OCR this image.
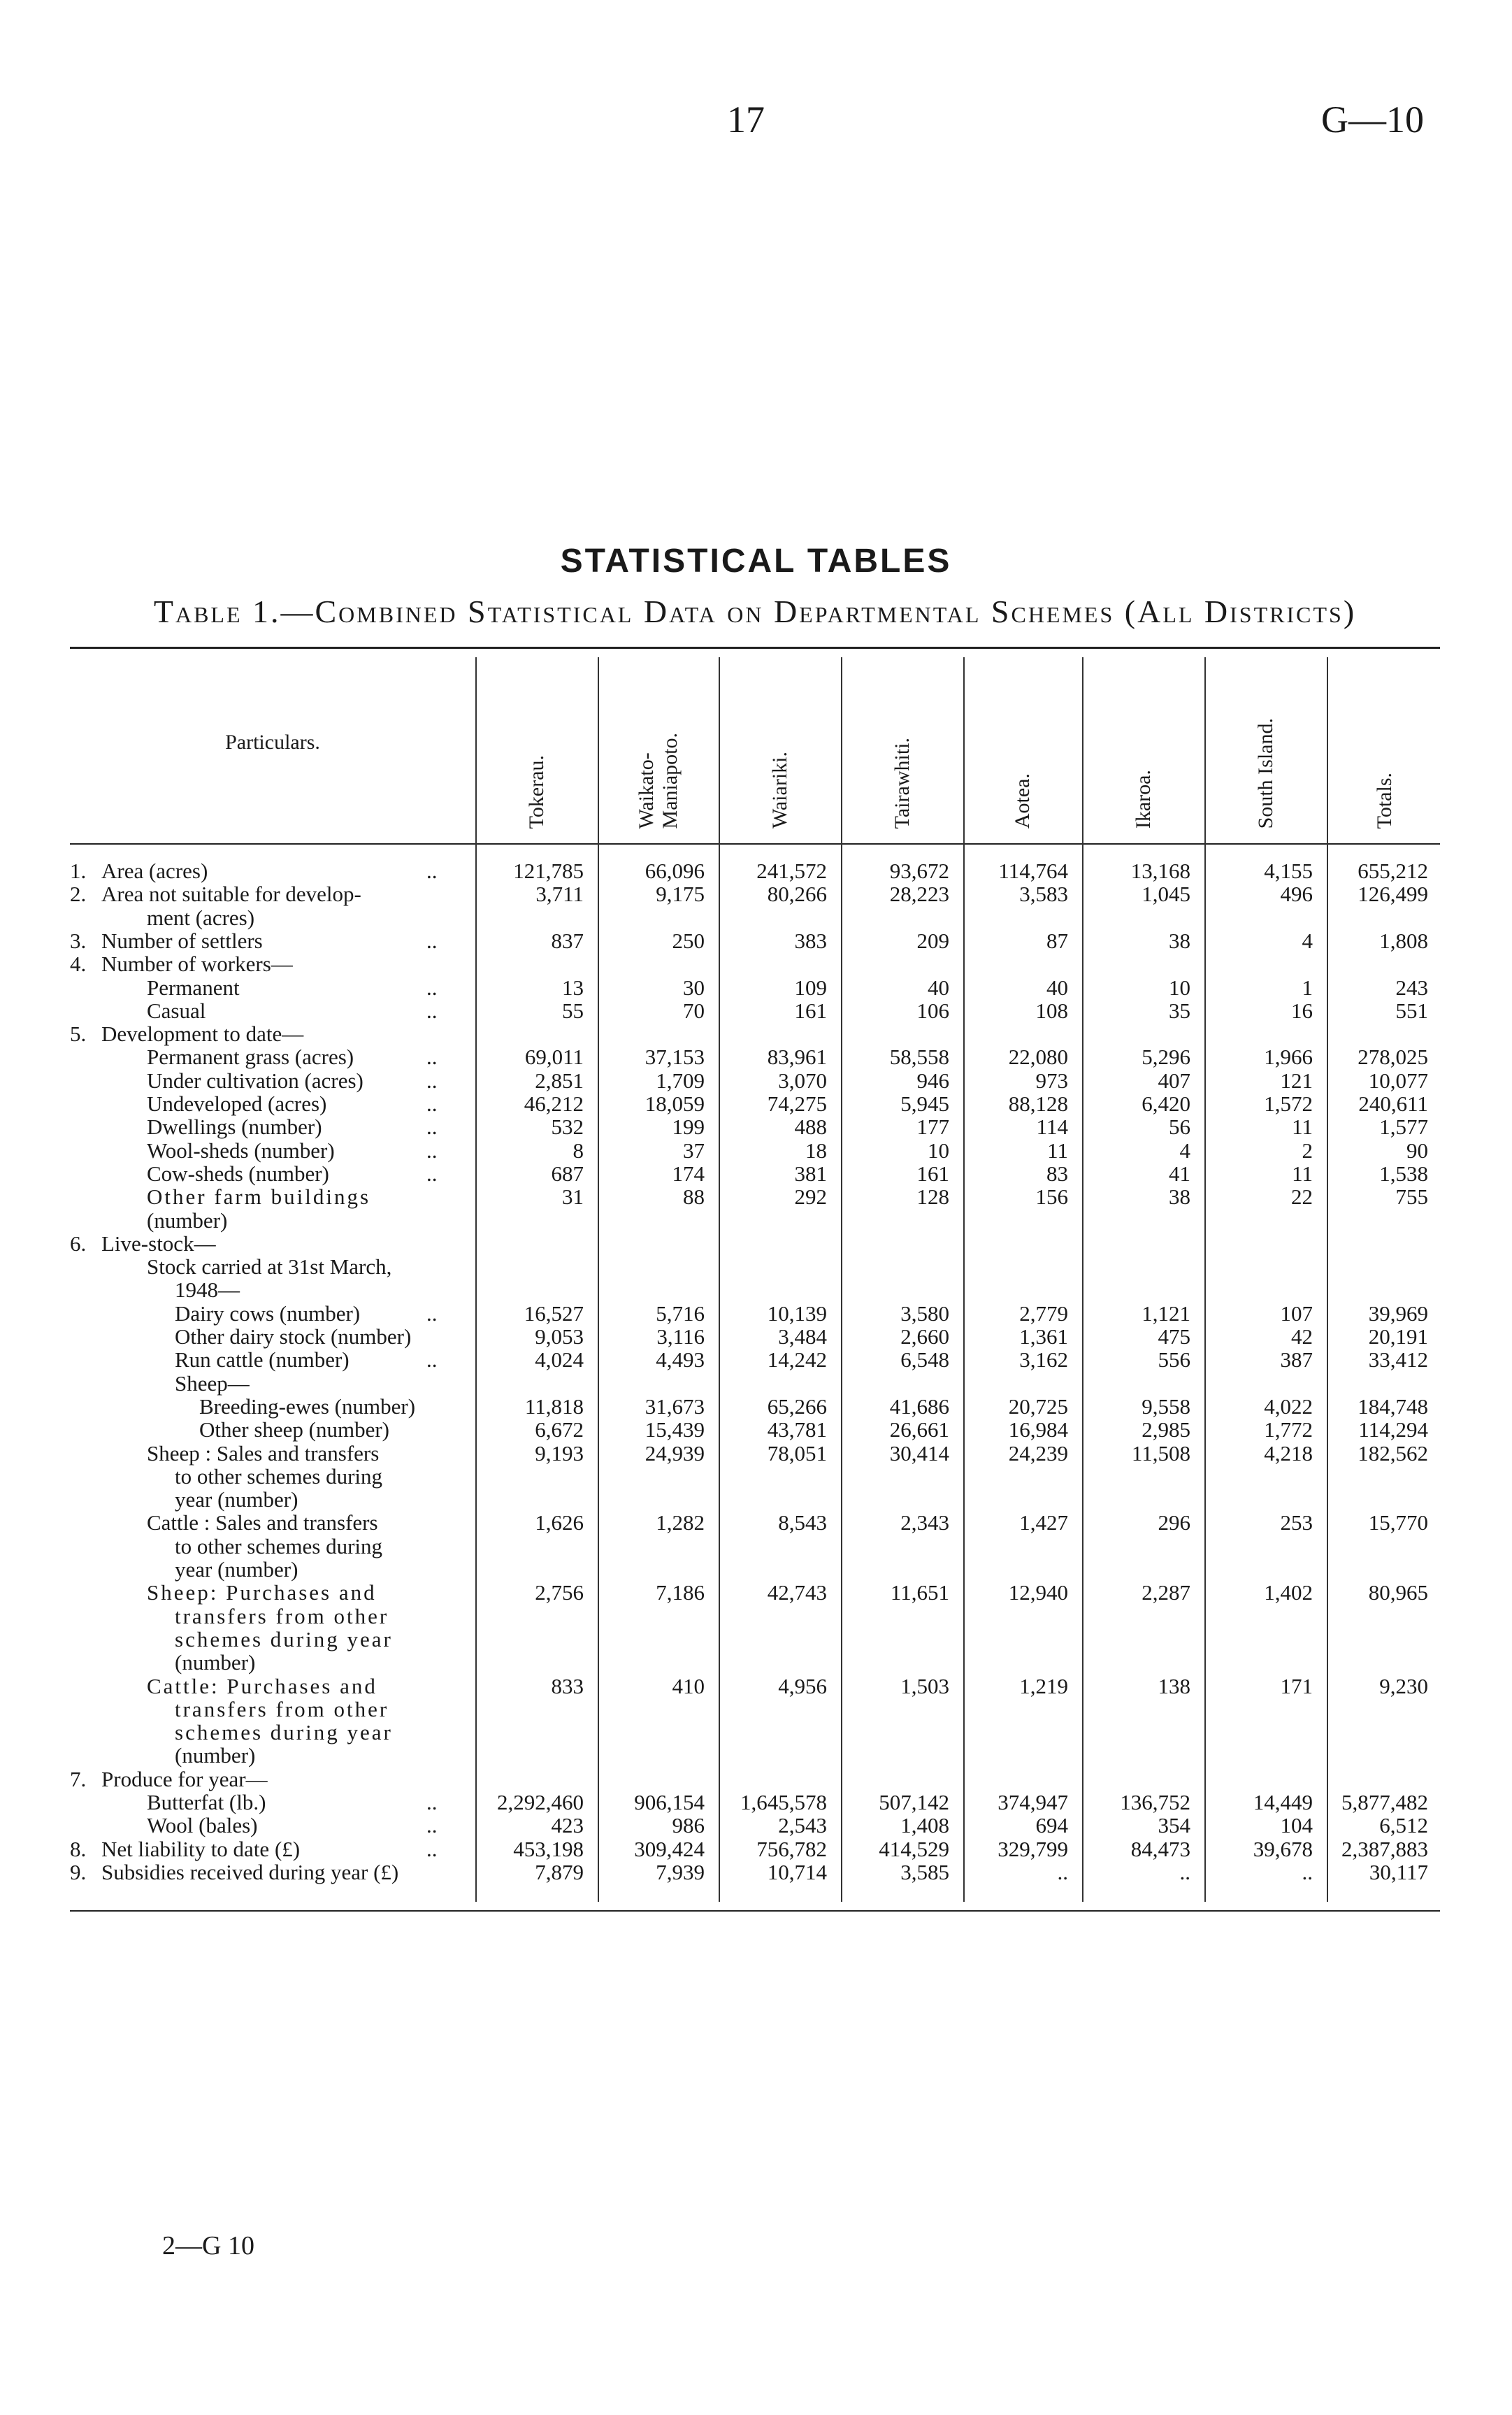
17	G—10
STATISTICAL TABLES
Table 1.—Combined Statistical Data on Departmental Schemes (All Districts)
Particulars.
Tokerau.	Waikato-
Maniapoto.	Waiariki.	Tairawhiti.	Aotea.	Ikaroa.	South Island.	Totals.
1. Area (acres)	..	121,785	66,096	241,572	93,672	114,764	13,168	4,155	655,212
2. Area not suitable for develop-	3,711	9,175	80,266	28,223	3,583	1,045	496	126,499
ment (acres)
3. Number of settlers	..	837	250	383	209	87	38	4	1,808
4. Number of workers—
Permanent	..	13	30	109	40	40	10	1	243
Casual	..	55	70	161	106	108	35	16	551
5. Development to date—
Permanent grass (acres)	..	69,011	37,153	83,961	58,558	22,080	5,296	1,966	278,025
Under cultivation (acres)	..	2,851	1,709	3,070	946	973	407	121	10,077
Undeveloped (acres)	..	46,212	18,059	74,275	5,945	88,128	6,420	1,572	240,611
Dwellings (number)	..	532	199	488	177	114	56	11	1,577
Wool-sheds (number)	..	8	37	18	10	11	4	2	90
Cow-sheds (number)	..	687	174	381	161	83	41	11	1,538
Other farm buildings	31	88	292	128	156	38	22	755
(number)
6. Live-stock—
Stock carried at 31st March,
1948—
Dairy cows (number)	..	16,527	5,716	10,139	3,580	2,779	1,121	107	39,969
Other dairy stock (number)	9,053	3,116	3,484	2,660	1,361	475	42	20,191
Run cattle (number)	..	4,024	4,493	14,242	6,548	3,162	556	387	33,412
Sheep—
Breeding-ewes (number)	11,818	31,673	65,266	41,686	20,725	9,558	4,022	184,748
Other sheep (number)	6,672	15,439	43,781	26,661	16,984	2,985	1,772	114,294
Sheep : Sales and transfers	9,193	24,939	78,051	30,414	24,239	11,508	4,218	182,562
to other schemes during
year (number)
Cattle : Sales and transfers	1,626	1,282	8,543	2,343	1,427	296	253	15,770
to other schemes during
year (number)
Sheep: Purchases and	2,756	7,186	42,743	11,651	12,940	2,287	1,402	80,965
transfers from other
schemes during year
(number)
Cattle: Purchases and	833	410	4,956	1,503	1,219	138	171	9,230
transfers from other
schemes during year
(number)
7. Produce for year—
Butterfat (lb.)	..	2,292,460	906,154	1,645,578	507,142	374,947	136,752	14,449	5,877,482
Wool (bales)	..	423	986	2,543	1,408	694	354	104	6,512
8. Net liability to date (£)	..	453,198	309,424	756,782	414,529	329,799	84,473	39,678	2,387,883
9. Subsidies received during year (£)	7,879	7,939	10,714	3,585	..	..	..	30,117
2—G 10
